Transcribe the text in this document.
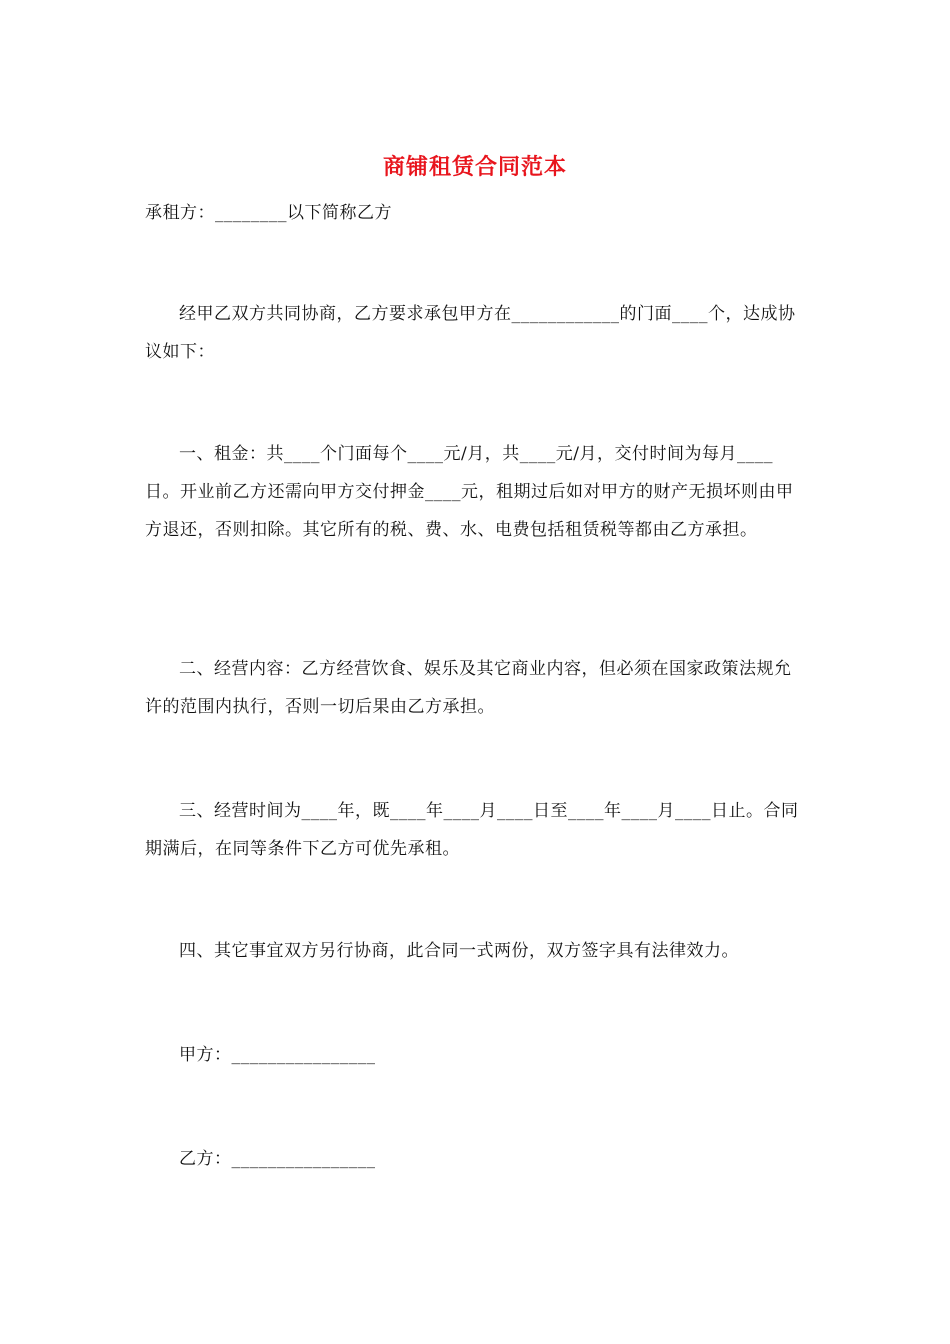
商铺租赁合同范本
承租方：________以下简称乙方
经甲乙双方共同协商，乙方要求承包甲方在____________的门面____个，达成协议如下：
一、租金：共____个门面每个____元/月，共____元/月，交付时间为每月____日。开业前乙方还需向甲方交付押金____元，租期过后如对甲方的财产无损坏则由甲方退还，否则扣除。其它所有的税、费、水、电费包括租赁税等都由乙方承担。
二、经营内容：乙方经营饮食、娱乐及其它商业内容，但必须在国家政策法规允许的范围内执行，否则一切后果由乙方承担。
三、经营时间为____年，既____年____月____日至____年____月____日止。合同期满后，在同等条件下乙方可优先承租。
四、其它事宜双方另行协商，此合同一式两份，双方签字具有法律效力。
甲方：________________
乙方：________________
